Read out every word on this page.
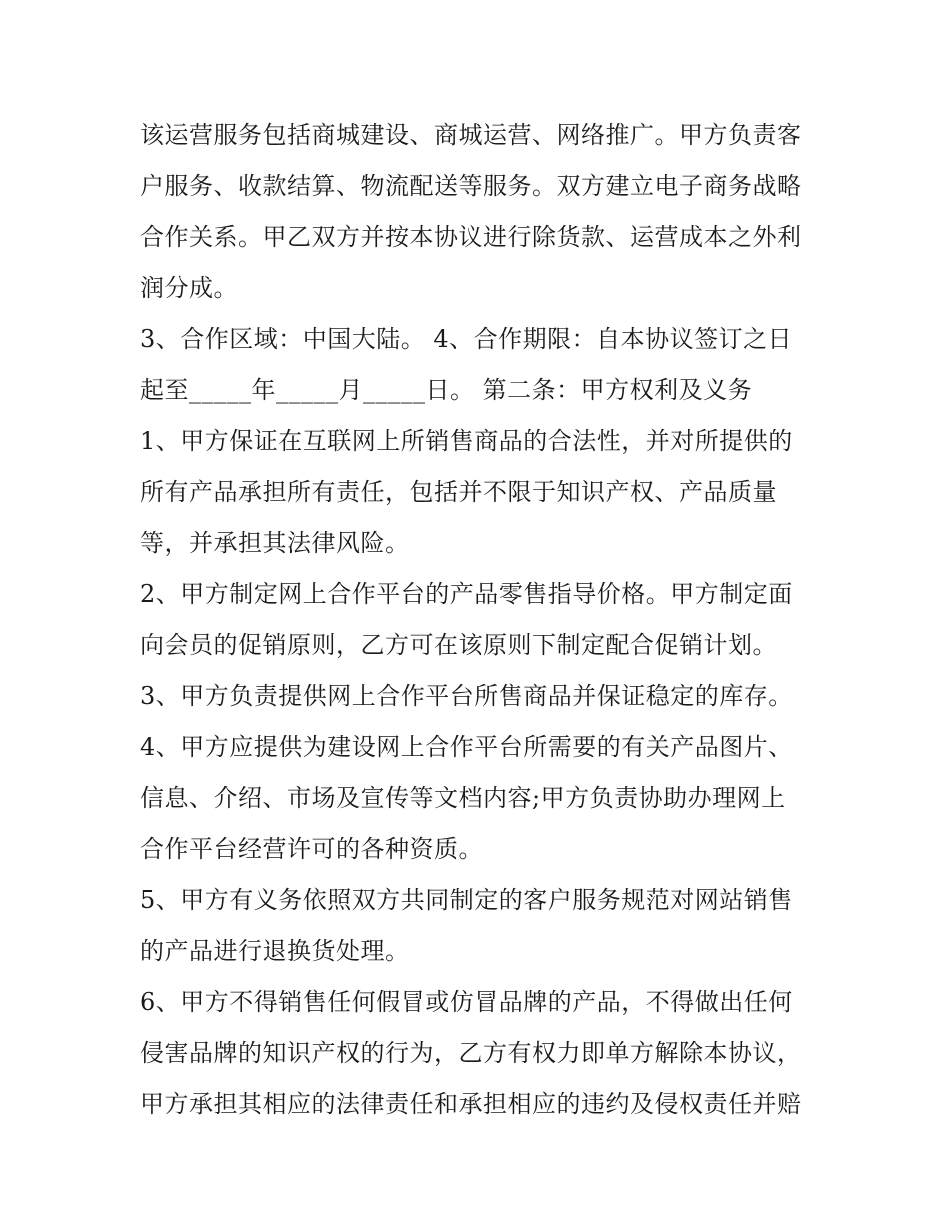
该运营服务包括商城建设、商城运营、网络推广。甲方负责客
户服务、收款结算、物流配送等服务。双方建立电子商务战略
合作关系。甲乙双方并按本协议进行除货款、运营成本之外利
润分成。
3、合作区域：中国大陆。 4、合作期限：自本协议签订之日
起至_____年_____月_____日。 第二条：甲方权利及义务
1、甲方保证在互联网上所销售商品的合法性，并对所提供的
所有产品承担所有责任，包括并不限于知识产权、产品质量
等，并承担其法律风险。
2、甲方制定网上合作平台的产品零售指导价格。甲方制定面
向会员的促销原则，乙方可在该原则下制定配合促销计划。
3、甲方负责提供网上合作平台所售商品并保证稳定的库存。
4、甲方应提供为建设网上合作平台所需要的有关产品图片、
信息、介绍、市场及宣传等文档内容;甲方负责协助办理网上
合作平台经营许可的各种资质。
5、甲方有义务依照双方共同制定的客户服务规范对网站销售
的产品进行退换货处理。
6、甲方不得销售任何假冒或仿冒品牌的产品，不得做出任何
侵害品牌的知识产权的行为，乙方有权力即单方解除本协议，
甲方承担其相应的法律责任和承担相应的违约及侵权责任并赔
